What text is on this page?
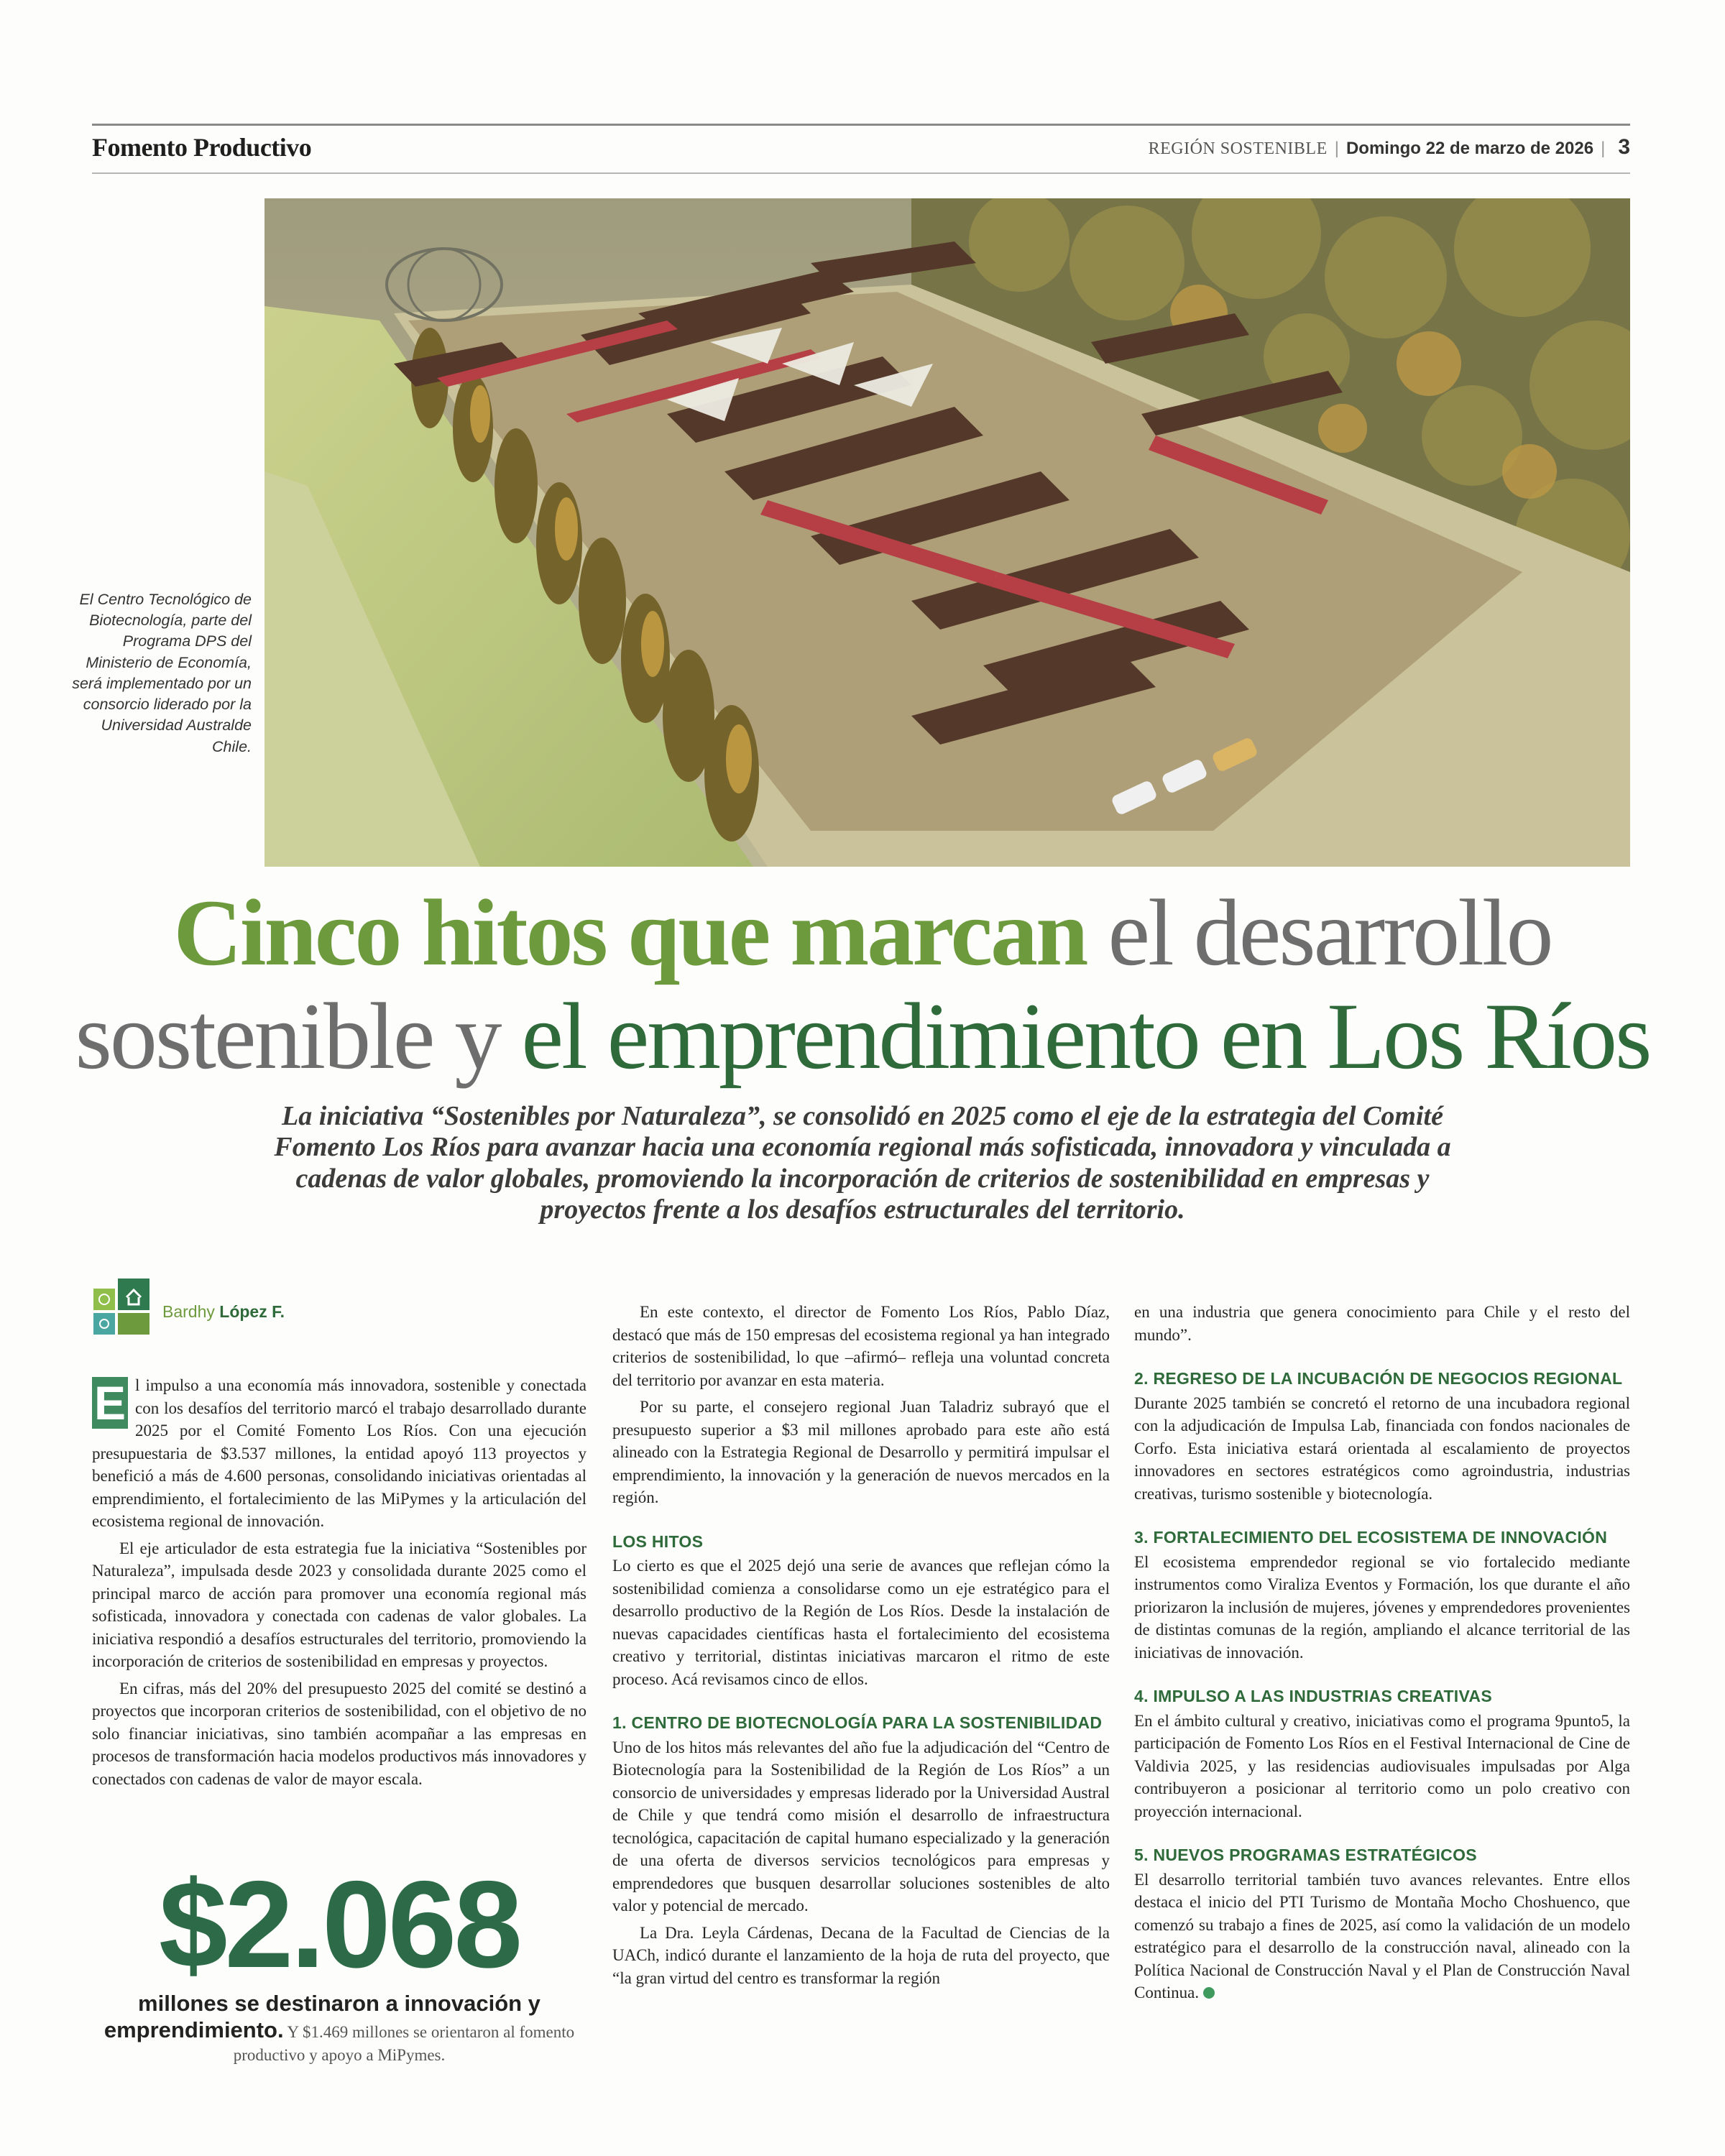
Fomento Productivo	REGIÓN SOSTENIBLE | Domingo 22 de marzo de 2026 | 3
El Centro Tecnológico de Biotecnología, parte del Programa DPS del Ministerio de Economía, será implementado por un consorcio liderado por la Universidad Australde Chile.
Cinco hitos que marcan el desarrollo
sostenible y el emprendimiento en Los Ríos
La iniciativa “Sostenibles por Naturaleza”, se consolidó en 2025 como el eje de la estrategia del Comité Fomento Los Ríos para avanzar hacia una economía regional más sofisticada, innovadora y vinculada a cadenas de valor globales, promoviendo la incorporación de criterios de sostenibilidad en empresas y proyectos frente a los desafíos estructurales del territorio.
Bardhy López F.

E l impulso a una economía más innovadora, sostenible y conectada con los desafíos del territorio marcó el trabajo desarrollado durante 2025 por el Comité Fomento Los Ríos. Con una ejecución presupuestaria de $3.537 millones, la entidad apoyó 113 proyectos y benefició a más de 4.600 personas, consolidando iniciativas orientadas al emprendimiento, el fortalecimiento de las MiPymes y la articulación del ecosistema regional de innovación.

El eje articulador de esta estrategia fue la iniciativa “Sostenibles por Naturaleza”, impulsada desde 2023 y consolidada durante 2025 como el principal marco de acción para promover una economía regional más sofisticada, innovadora y conectada con cadenas de valor globales. La iniciativa respondió a desafíos estructurales del territorio, promoviendo la incorporación de criterios de sostenibilidad en empresas y proyectos.

En cifras, más del 20% del presupuesto 2025 del comité se destinó a proyectos que incorporan criterios de sostenibilidad, con el objetivo de no solo financiar iniciativas, sino también acompañar a las empresas en procesos de transformación hacia modelos productivos más innovadores y conectados con cadenas de valor de mayor escala.

$2.068
millones se destinaron a innovación y emprendimiento. Y $1.469 millones se orientaron al fomento productivo y apoyo a MiPymes.

En este contexto, el director de Fomento Los Ríos, Pablo Díaz, destacó que más de 150 empresas del ecosistema regional ya han integrado criterios de sostenibilidad, lo que –afirmó– refleja una voluntad concreta del territorio por avanzar en esta materia.

Por su parte, el consejero regional Juan Taladriz subrayó que el presupuesto superior a $3 mil millones aprobado para este año está alineado con la Estrategia Regional de Desarrollo y permitirá impulsar el emprendimiento, la innovación y la generación de nuevos mercados en la región.

LOS HITOS

Lo cierto es que el 2025 dejó una serie de avances que reflejan cómo la sostenibilidad comienza a consolidarse como un eje estratégico para el desarrollo productivo de la Región de Los Ríos. Desde la instalación de nuevas capacidades científicas hasta el fortalecimiento del ecosistema creativo y territorial, distintas iniciativas marcaron el ritmo de este proceso. Acá revisamos cinco de ellos.

1. CENTRO DE BIOTECNOLOGÍA PARA LA SOSTENIBILIDAD

Uno de los hitos más relevantes del año fue la adjudicación del “Centro de Biotecnología para la Sostenibilidad de la Región de Los Ríos” a un consorcio de universidades y empresas liderado por la Universidad Austral de Chile y que tendrá como misión el desarrollo de infraestructura tecnológica, capacitación de capital humano especializado y la generación de una oferta de diversos servicios tecnológicos para empresas y emprendedores que busquen desarrollar soluciones sostenibles de alto valor y potencial de mercado.

La Dra. Leyla Cárdenas, Decana de la Facultad de Ciencias de la UACh, indicó durante el lanzamiento de la hoja de ruta del proyecto, que “la gran virtud del centro es transformar la región

en una industria que genera conocimiento para Chile y el resto del mundo”.

2. REGRESO DE LA INCUBACIÓN DE NEGOCIOS REGIONAL

Durante 2025 también se concretó el retorno de una incubadora regional con la adjudicación de Impulsa Lab, financiada con fondos nacionales de Corfo. Esta iniciativa estará orientada al escalamiento de proyectos innovadores en sectores estratégicos como agroindustria, industrias creativas, turismo sostenible y biotecnología.

3. FORTALECIMIENTO DEL ECOSISTEMA DE INNOVACIÓN

El ecosistema emprendedor regional se vio fortalecido mediante instrumentos como Viraliza Eventos y Formación, los que durante el año priorizaron la inclusión de mujeres, jóvenes y emprendedores provenientes de distintas comunas de la región, ampliando el alcance territorial de las iniciativas de innovación.

4. IMPULSO A LAS INDUSTRIAS CREATIVAS

En el ámbito cultural y creativo, iniciativas como el programa 9punto5, la participación de Fomento Los Ríos en el Festival Internacional de Cine de Valdivia 2025, y las residencias audiovisuales impulsadas por Alga contribuyeron a posicionar al territorio como un polo creativo con proyección internacional.

5. NUEVOS PROGRAMAS ESTRATÉGICOS

El desarrollo territorial también tuvo avances relevantes. Entre ellos destaca el inicio del PTI Turismo de Montaña Mocho Choshuenco, que comenzó su trabajo a fines de 2025, así como la validación de un modelo estratégico para el desarrollo de la construcción naval, alineado con la Política Nacional de Construcción Naval y el Plan de Construcción Naval Continua.
